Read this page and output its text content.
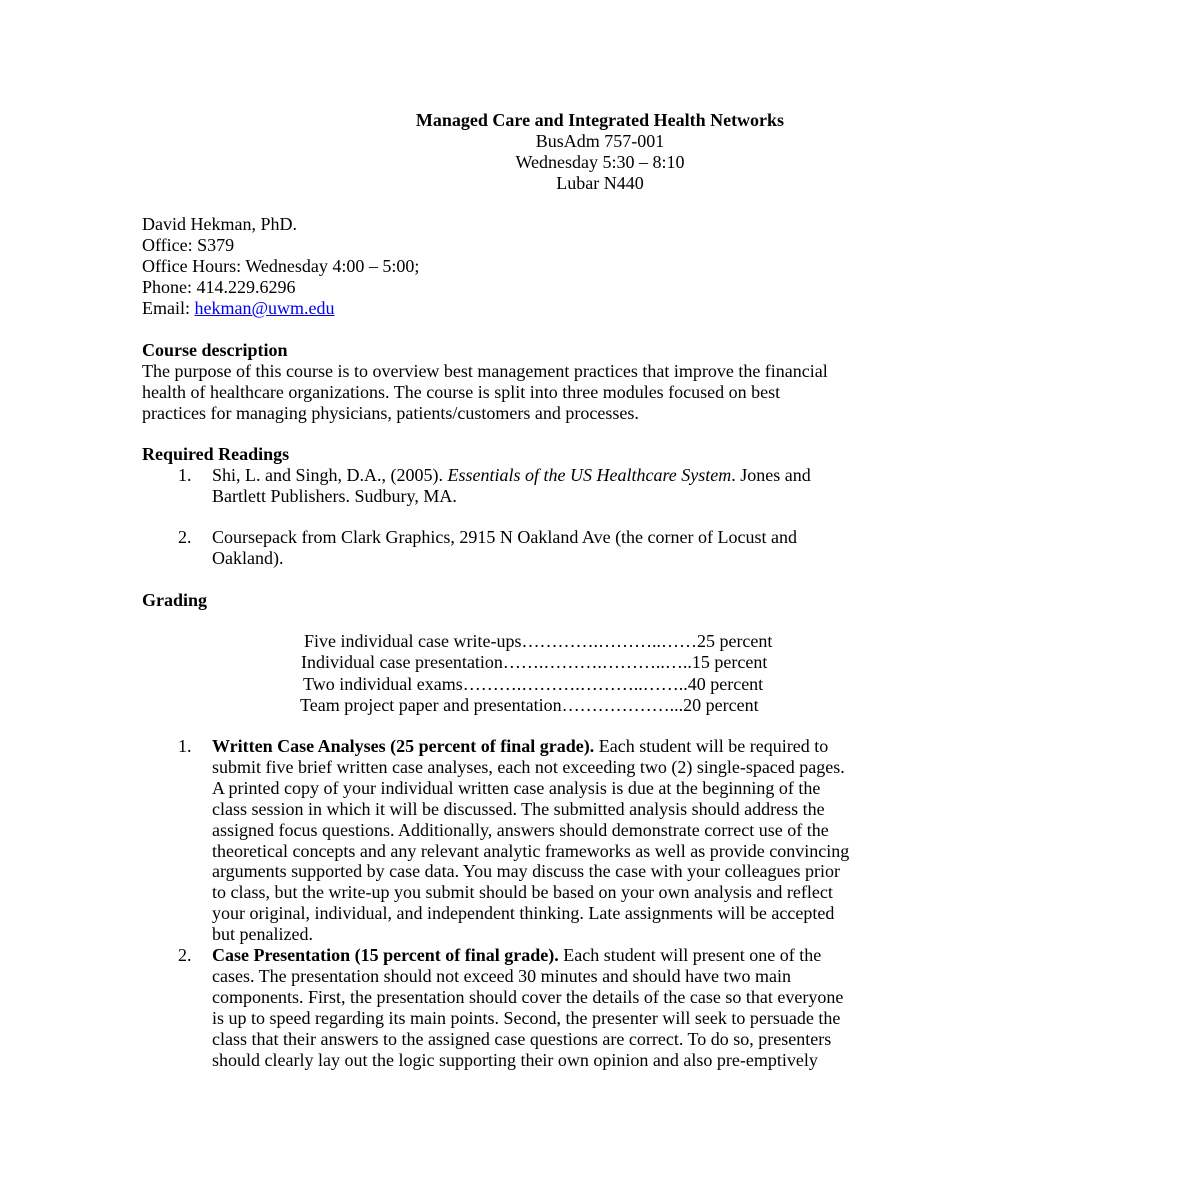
Managed Care and Integrated Health Networks
BusAdm 757-001
Wednesday 5:30 – 8:10
Lubar N440
David Hekman, PhD.
Office: S379
Office Hours: Wednesday 4:00 – 5:00;
Phone: 414.229.6296
Email: hekman@uwm.edu
Course description
The purpose of this course is to overview best management practices that improve the financial
health of healthcare organizations. The course is split into three modules focused on best
practices for managing physicians, patients/customers and processes.
Required Readings
1. Shi, L. and Singh, D.A., (2005). Essentials of the US Healthcare System. Jones and
Bartlett Publishers. Sudbury, MA.
2. Coursepack from Clark Graphics, 2915 N Oakland Ave (the corner of Locust and
Oakland).
Grading
Five individual case write-ups………….………..……25 percent
Individual case presentation…….……….………..…..15 percent
Two individual exams……….……….………..……..40 percent
Team project paper and presentation………………...20 percent
1. Written Case Analyses (25 percent of final grade). Each student will be required to
submit five brief written case analyses, each not exceeding two (2) single-spaced pages.
A printed copy of your individual written case analysis is due at the beginning of the
class session in which it will be discussed. The submitted analysis should address the
assigned focus questions. Additionally, answers should demonstrate correct use of the
theoretical concepts and any relevant analytic frameworks as well as provide convincing
arguments supported by case data. You may discuss the case with your colleagues prior
to class, but the write-up you submit should be based on your own analysis and reflect
your original, individual, and independent thinking. Late assignments will be accepted
but penalized.
2. Case Presentation (15 percent of final grade). Each student will present one of the
cases. The presentation should not exceed 30 minutes and should have two main
components. First, the presentation should cover the details of the case so that everyone
is up to speed regarding its main points. Second, the presenter will seek to persuade the
class that their answers to the assigned case questions are correct. To do so, presenters
should clearly lay out the logic supporting their own opinion and also pre-emptively
